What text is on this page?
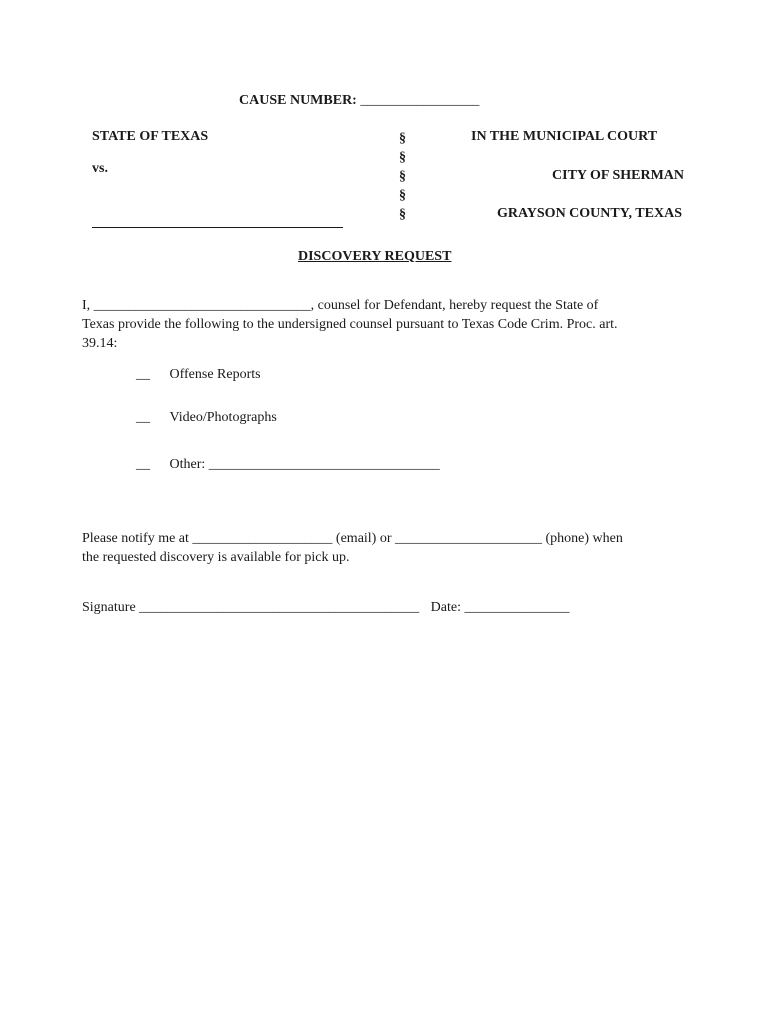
CAUSE NUMBER: _________________
STATE OF TEXAS
vs.
§
§
§
§
§
IN THE MUNICIPAL COURT
CITY OF SHERMAN
GRAYSON COUNTY, TEXAS
DISCOVERY REQUEST
I, _______________________________, counsel for Defendant, hereby request the State of
Texas provide the following to the undersigned counsel pursuant to Texas Code Crim. Proc. art.
39.14:
__ Offense Reports
__ Video/Photographs
__ Other: _________________________________
Please notify me at ____________________ (email) or _____________________ (phone) when
the requested discovery is available for pick up.
Signature ________________________________________ Date: _______________
